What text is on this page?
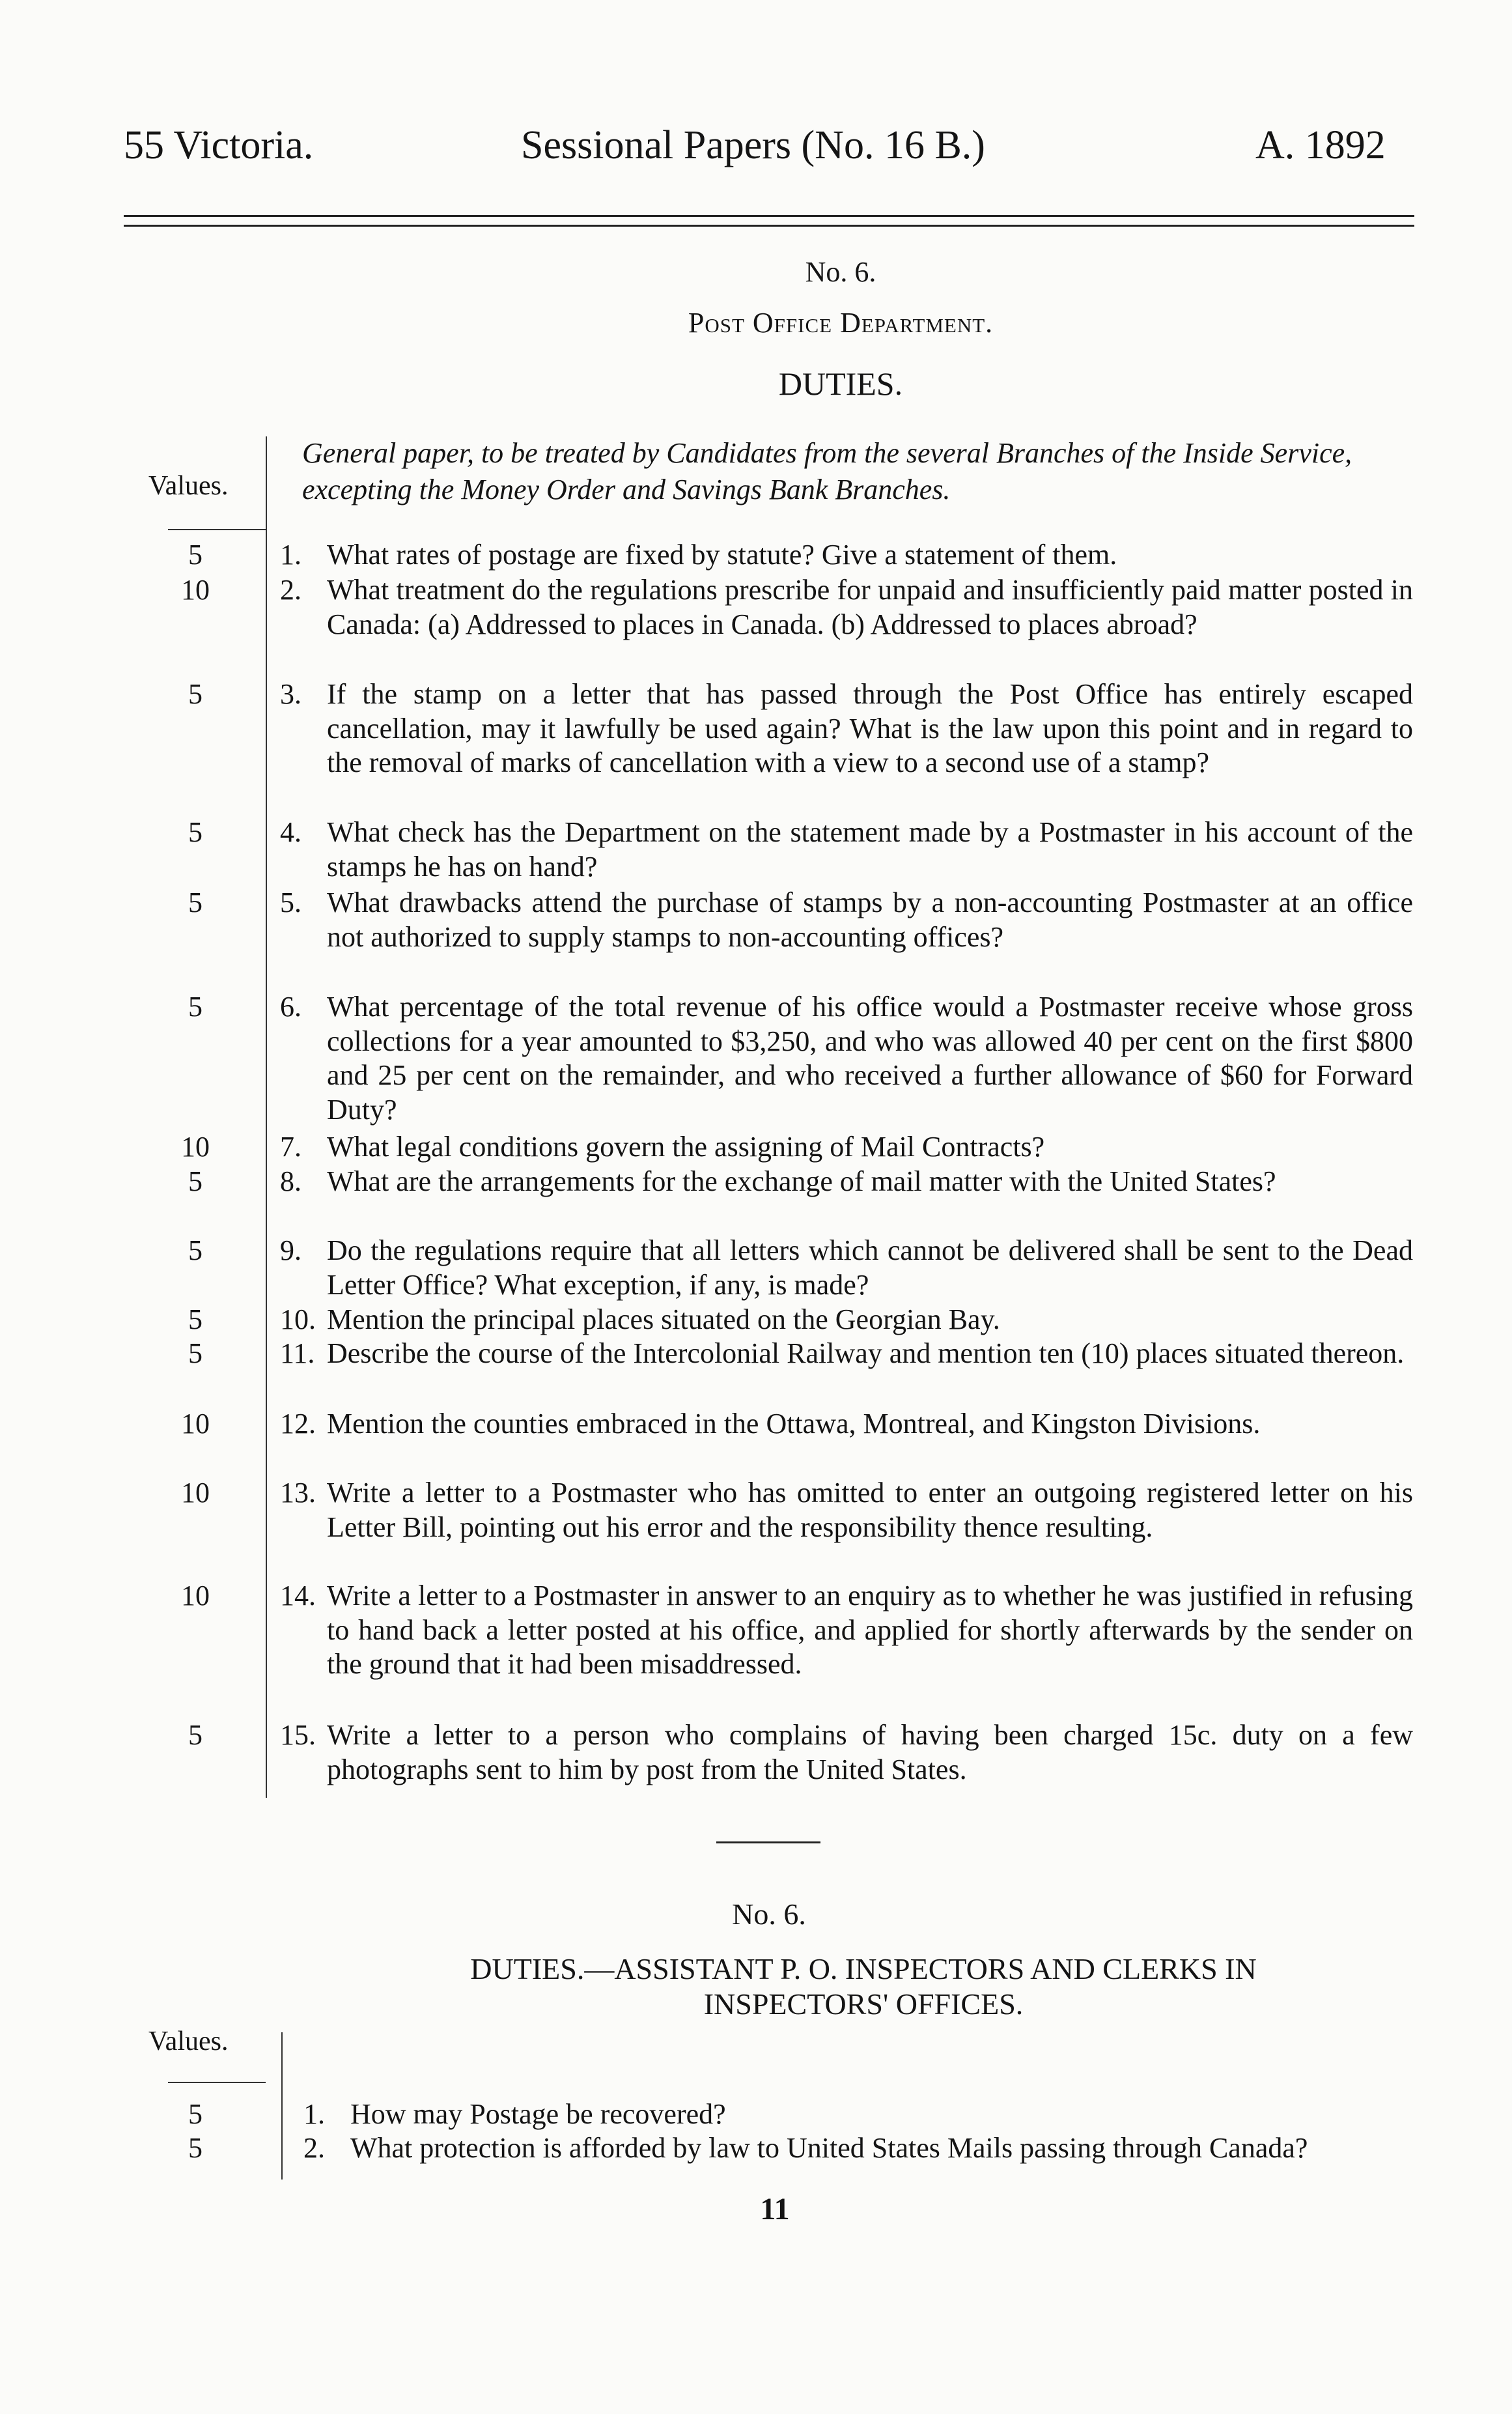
55 Victoria.	Sessional Papers (No. 16 B.)	A. 1892
No. 6.
Post Office Department.
DUTIES.
Values.
General paper, to be treated by Candidates from the several Branches of the Inside Service, excepting the Money Order and Savings Bank Branches.
5
10
5
5
5
5
10
5
5
5
5
10
10
10
5
1. What rates of postage are fixed by statute? Give a statement of them.
2. What treatment do the regulations prescribe for unpaid and insufficiently paid matter posted in Canada: (a) Addressed to places in Canada. (b) Addressed to places abroad?
3. If the stamp on a letter that has passed through the Post Office has entirely escaped cancellation, may it lawfully be used again? What is the law upon this point and in regard to the removal of marks of cancellation with a view to a second use of a stamp?
4. What check has the Department on the statement made by a Postmaster in his account of the stamps he has on hand?
5. What drawbacks attend the purchase of stamps by a non-accounting Postmaster at an office not authorized to supply stamps to non-accounting offices?
6. What percentage of the total revenue of his office would a Postmaster receive whose gross collections for a year amounted to $3,250, and who was allowed 40 per cent on the first $800 and 25 per cent on the remainder, and who received a further allowance of $60 for Forward Duty?
7. What legal conditions govern the assigning of Mail Contracts?
8. What are the arrangements for the exchange of mail matter with the United States?
9. Do the regulations require that all letters which cannot be delivered shall be sent to the Dead Letter Office? What exception, if any, is made?
10. Mention the principal places situated on the Georgian Bay.
11. Describe the course of the Intercolonial Railway and mention ten (10) places situated thereon.
12. Mention the counties embraced in the Ottawa, Montreal, and Kingston Divisions.
13. Write a letter to a Postmaster who has omitted to enter an outgoing registered letter on his Letter Bill, pointing out his error and the responsibility thence resulting.
14. Write a letter to a Postmaster in answer to an enquiry as to whether he was justified in refusing to hand back a letter posted at his office, and applied for shortly afterwards by the sender on the ground that it had been misaddressed.
15. Write a letter to a person who complains of having been charged 15c. duty on a few photographs sent to him by post from the United States.
No. 6.
DUTIES.—ASSISTANT P. O. INSPECTORS AND CLERKS IN
INSPECTORS' OFFICES.
Values.
5
5
1. How may Postage be recovered?
2. What protection is afforded by law to United States Mails passing through Canada?
11
